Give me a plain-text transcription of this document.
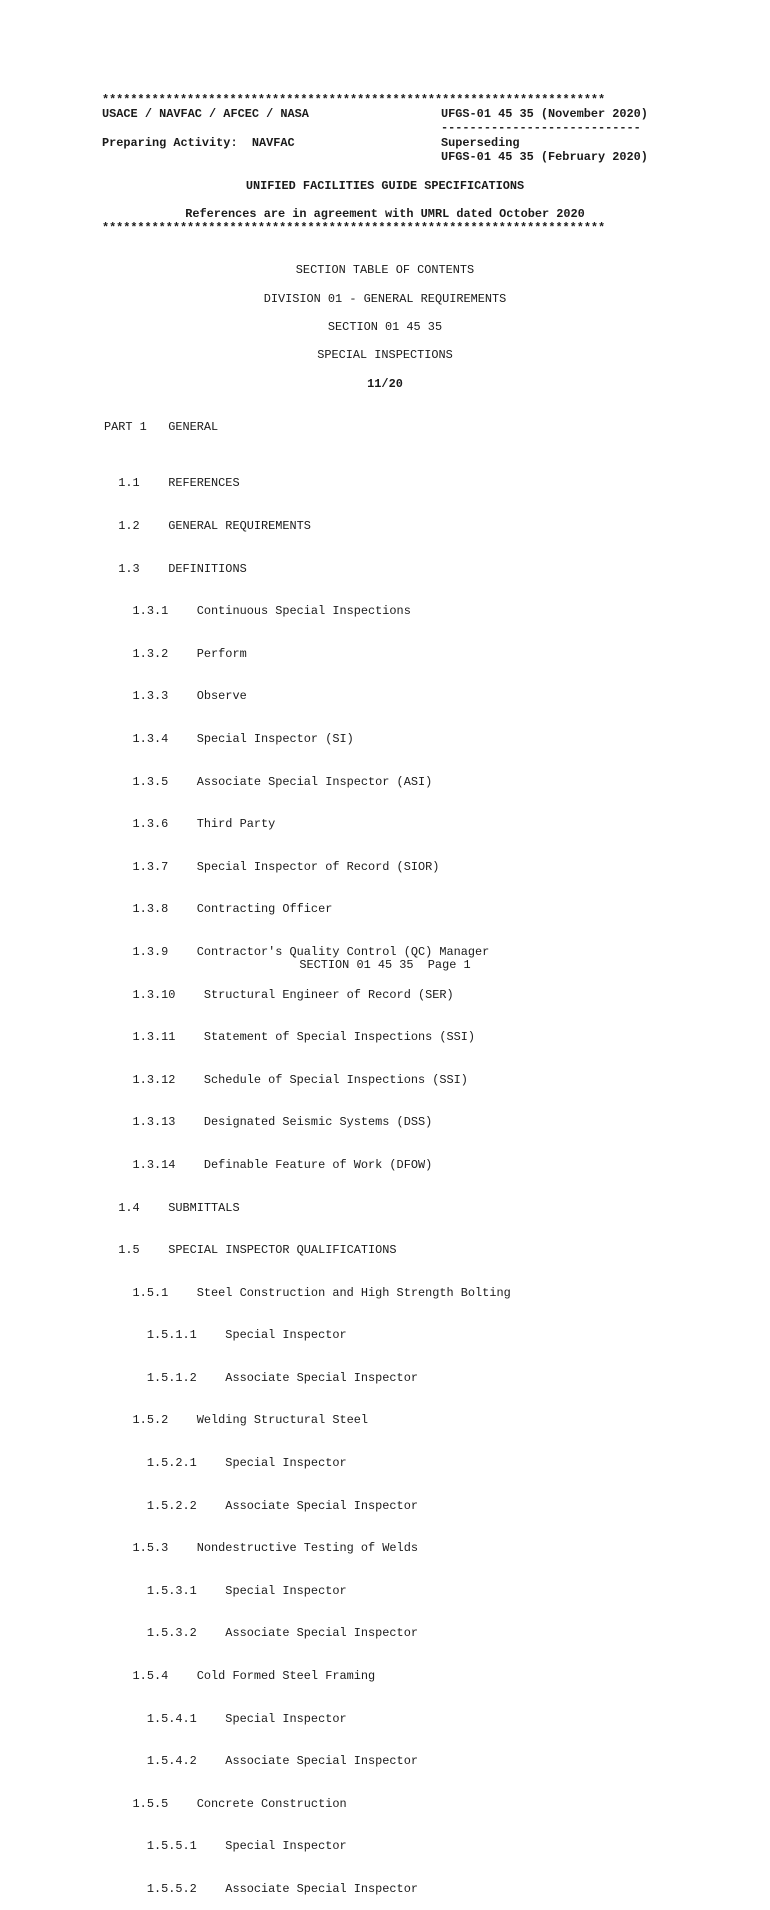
***********************************************************************
USACE / NAVFAC / AFCEC / NASA	UFGS-01 45 35 (November 2020)
----------------------------
Preparing Activity:  NAVFAC	Superseding
UFGS-01 45 35 (February 2020)
UNIFIED FACILITIES GUIDE SPECIFICATIONS
References are in agreement with UMRL dated October 2020
***********************************************************************
SECTION TABLE OF CONTENTS
DIVISION 01 - GENERAL REQUIREMENTS
SECTION 01 45 35
SPECIAL INSPECTIONS
11/20
PART 1   GENERAL

1.1    REFERENCES

1.2    GENERAL REQUIREMENTS

1.3    DEFINITIONS

1.3.1    Continuous Special Inspections

1.3.2    Perform

1.3.3    Observe

1.3.4    Special Inspector (SI)

1.3.5    Associate Special Inspector (ASI)

1.3.6    Third Party

1.3.7    Special Inspector of Record (SIOR)

1.3.8    Contracting Officer

1.3.9    Contractor's Quality Control (QC) Manager

1.3.10    Structural Engineer of Record (SER)

1.3.11    Statement of Special Inspections (SSI)

1.3.12    Schedule of Special Inspections (SSI)

1.3.13    Designated Seismic Systems (DSS)

1.3.14    Definable Feature of Work (DFOW)

1.4    SUBMITTALS

1.5    SPECIAL INSPECTOR QUALIFICATIONS

1.5.1    Steel Construction and High Strength Bolting

1.5.1.1    Special Inspector

1.5.1.2    Associate Special Inspector

1.5.2    Welding Structural Steel

1.5.2.1    Special Inspector

1.5.2.2    Associate Special Inspector

1.5.3    Nondestructive Testing of Welds

1.5.3.1    Special Inspector

1.5.3.2    Associate Special Inspector

1.5.4    Cold Formed Steel Framing

1.5.4.1    Special Inspector

1.5.4.2    Associate Special Inspector

1.5.5    Concrete Construction

1.5.5.1    Special Inspector

1.5.5.2    Associate Special Inspector

SECTION 01 45 35  Page 1
